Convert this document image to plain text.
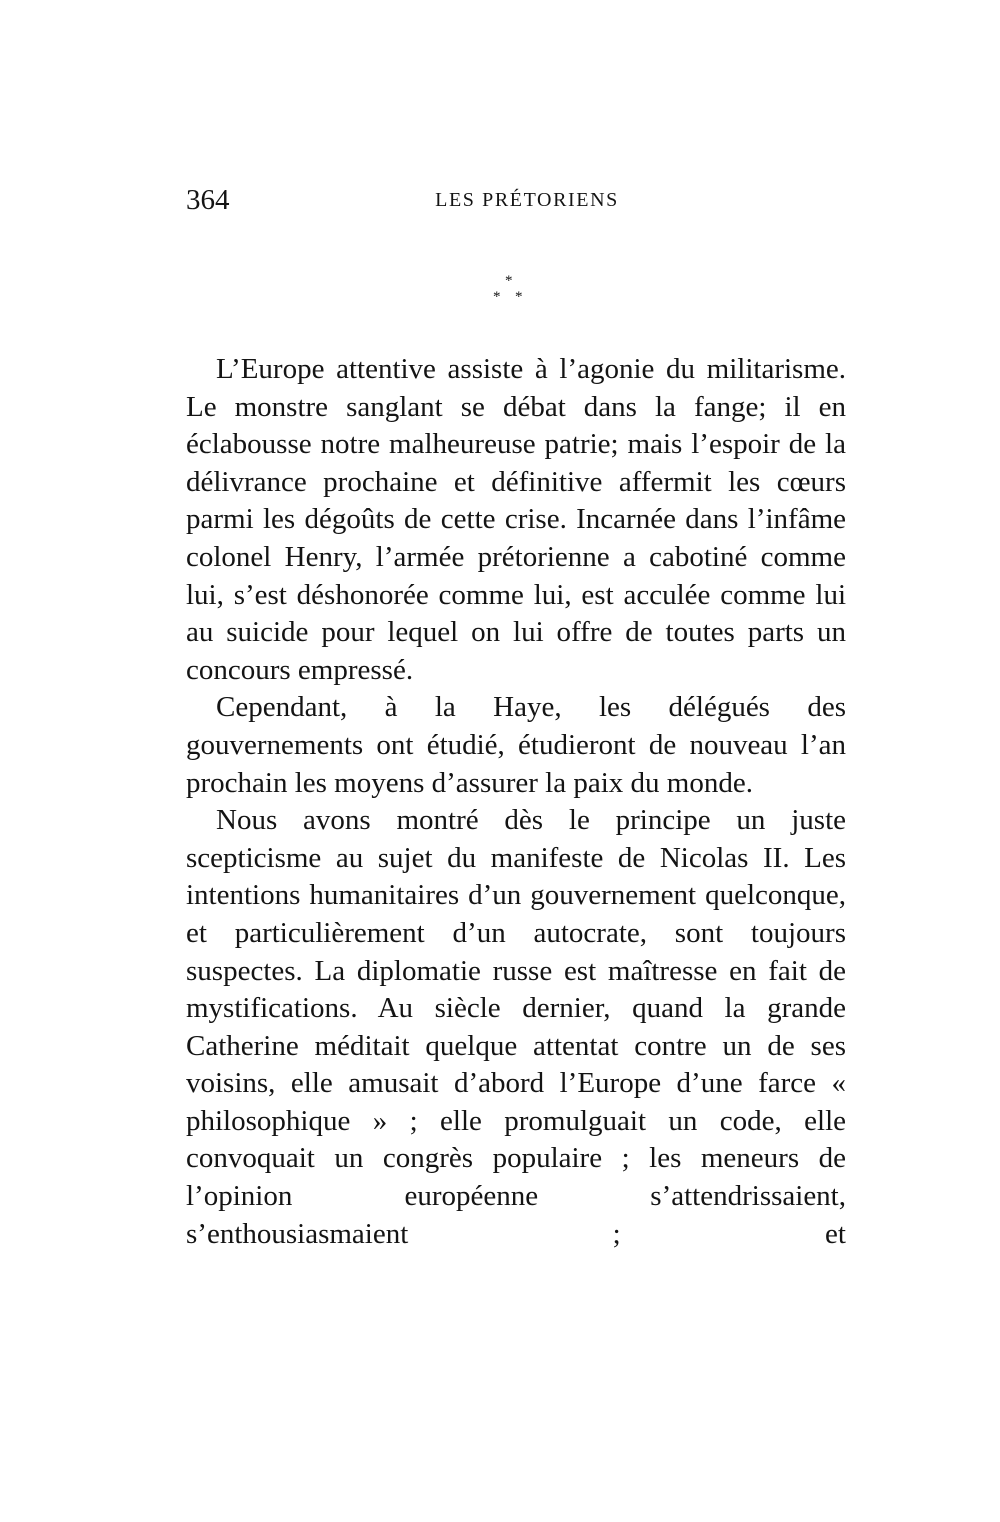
364	LES PRÉTORIENS
*
* *

L’Europe attentive assiste à l’agonie du militarisme. Le monstre sanglant se débat dans la fange; il en éclabousse notre malheureuse patrie; mais l’espoir de la délivrance prochaine et définitive affermit les cœurs parmi les dégoûts de cette crise. Incarnée dans l’infâme colonel Henry, l’armée prétorienne a cabotiné comme lui, s’est déshonorée comme lui, est acculée comme lui au suicide pour lequel on lui offre de toutes parts un concours empressé.

Cependant, à la Haye, les délégués des gouvernements ont étudié, étudieront de nouveau l’an prochain les moyens d’assurer la paix du monde.

Nous avons montré dès le principe un juste scepticisme au sujet du manifeste de Nicolas II. Les intentions humanitaires d’un gouvernement quelconque, et particulièrement d’un autocrate, sont toujours suspectes. La diplomatie russe est maîtresse en fait de mystifications. Au siècle dernier, quand la grande Catherine méditait quelque attentat contre un de ses voisins, elle amusait d’abord l’Europe d’une farce « philosophique » ; elle promulguait un code, elle convoquait un congrès populaire ; les meneurs de l’opinion européenne s’attendrissaient, s’enthousiasmaient ; et
